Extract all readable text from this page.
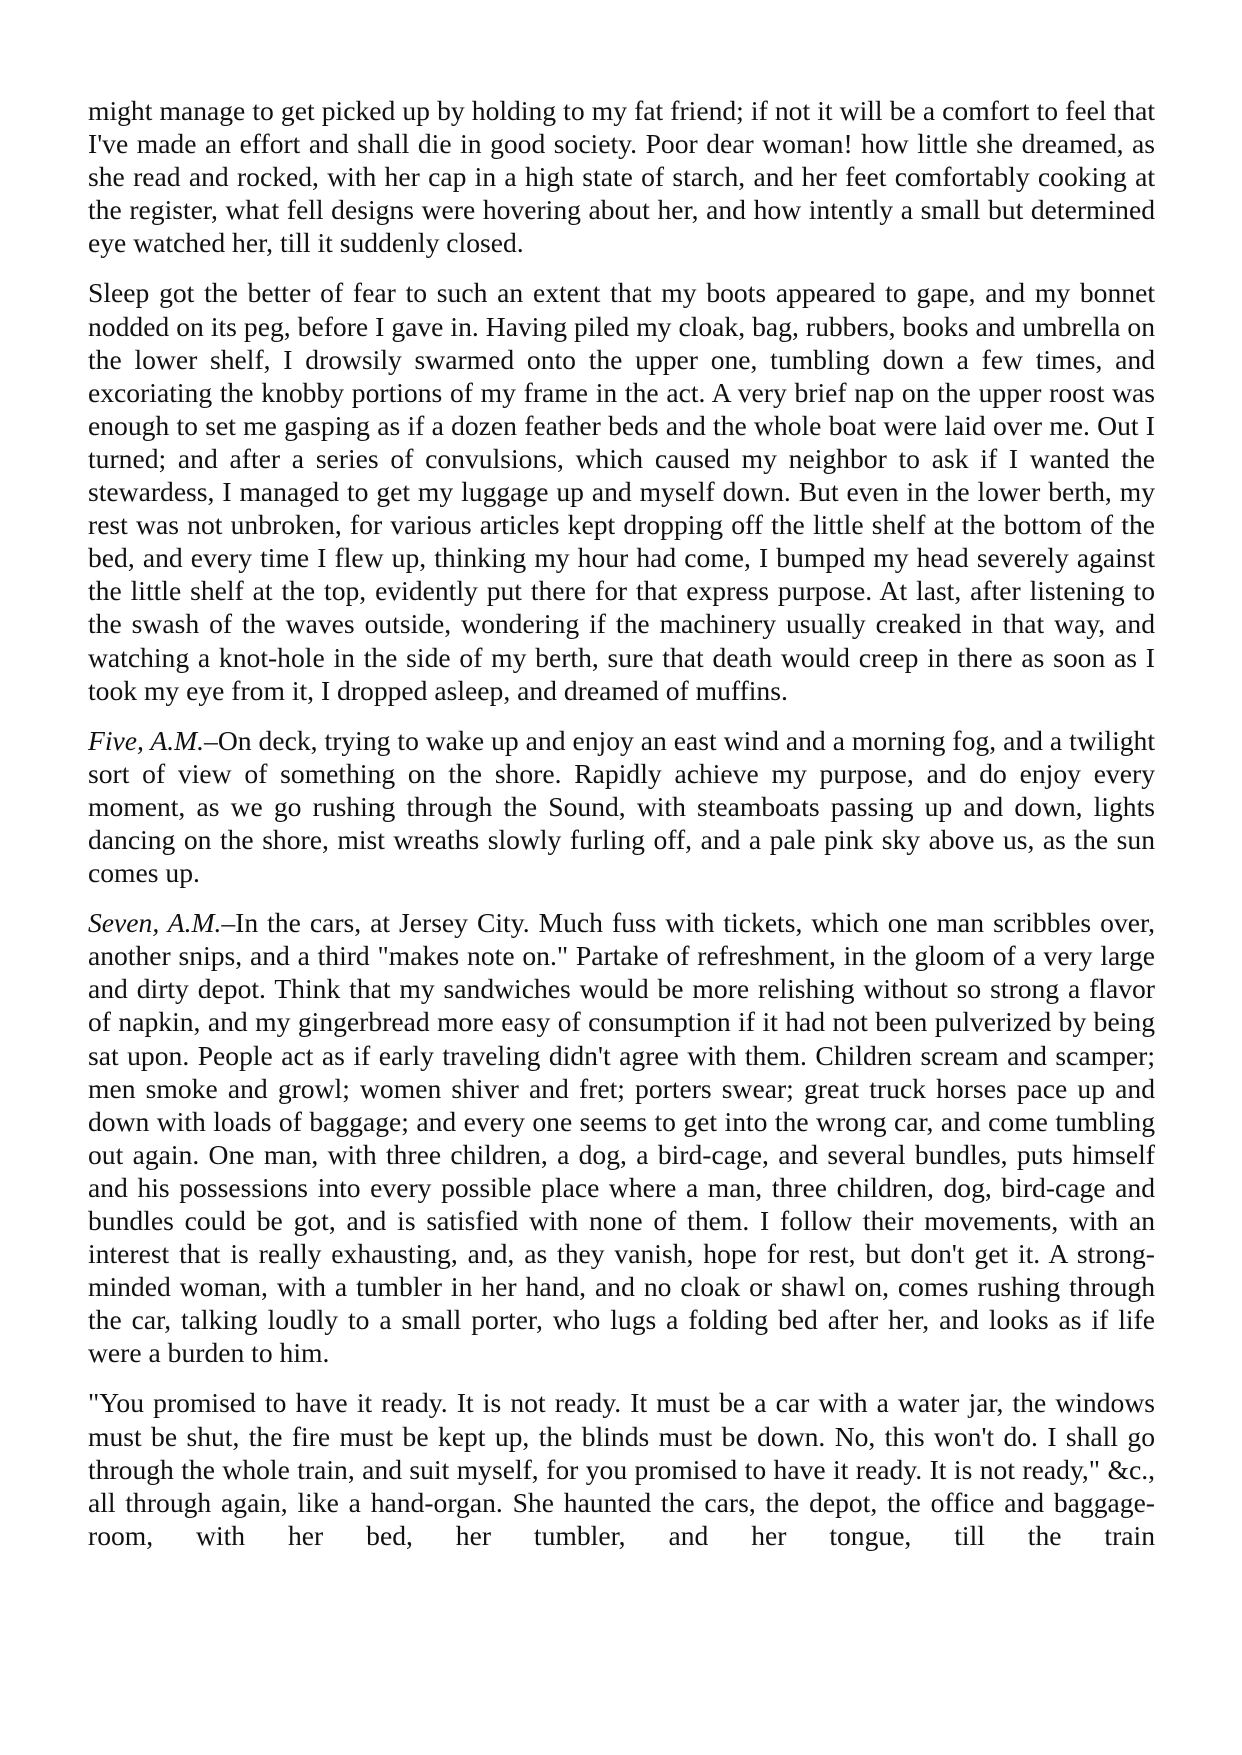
might manage to get picked up by holding to my fat friend; if not it will be a comfort to feel that I've made an effort and shall die in good society. Poor dear woman! how little she dreamed, as she read and rocked, with her cap in a high state of starch, and her feet comfortably cooking at the register, what fell designs were hovering about her, and how intently a small but determined eye watched her, till it suddenly closed.

Sleep got the better of fear to such an extent that my boots appeared to gape, and my bonnet nodded on its peg, before I gave in. Having piled my cloak, bag, rubbers, books and umbrella on the lower shelf, I drowsily swarmed onto the upper one, tumbling down a few times, and excoriating the knobby portions of my frame in the act. A very brief nap on the upper roost was enough to set me gasping as if a dozen feather beds and the whole boat were laid over me. Out I turned; and after a series of convulsions, which caused my neighbor to ask if I wanted the stewardess, I managed to get my luggage up and myself down. But even in the lower berth, my rest was not unbroken, for various articles kept dropping off the little shelf at the bottom of the bed, and every time I flew up, thinking my hour had come, I bumped my head severely against the little shelf at the top, evidently put there for that express purpose. At last, after listening to the swash of the waves outside, wondering if the machinery usually creaked in that way, and watching a knot-hole in the side of my berth, sure that death would creep in there as soon as I took my eye from it, I dropped asleep, and dreamed of muffins.

Five, A.M.–On deck, trying to wake up and enjoy an east wind and a morning fog, and a twilight sort of view of something on the shore. Rapidly achieve my purpose, and do enjoy every moment, as we go rushing through the Sound, with steamboats passing up and down, lights dancing on the shore, mist wreaths slowly furling off, and a pale pink sky above us, as the sun comes up.

Seven, A.M.–In the cars, at Jersey City. Much fuss with tickets, which one man scribbles over, another snips, and a third "makes note on." Partake of refreshment, in the gloom of a very large and dirty depot. Think that my sandwiches would be more relishing without so strong a flavor of napkin, and my gingerbread more easy of consumption if it had not been pulverized by being sat upon. People act as if early traveling didn't agree with them. Children scream and scamper; men smoke and growl; women shiver and fret; porters swear; great truck horses pace up and down with loads of baggage; and every one seems to get into the wrong car, and come tumbling out again. One man, with three children, a dog, a bird-cage, and several bundles, puts himself and his possessions into every possible place where a man, three children, dog, bird-cage and bundles could be got, and is satisfied with none of them. I follow their movements, with an interest that is really exhausting, and, as they vanish, hope for rest, but don't get it. A strong-minded woman, with a tumbler in her hand, and no cloak or shawl on, comes rushing through the car, talking loudly to a small porter, who lugs a folding bed after her, and looks as if life were a burden to him.

"You promised to have it ready. It is not ready. It must be a car with a water jar, the windows must be shut, the fire must be kept up, the blinds must be down. No, this won't do. I shall go through the whole train, and suit myself, for you promised to have it ready. It is not ready," &c., all through again, like a hand-organ. She haunted the cars, the depot, the office and baggage-room, with her bed, her tumbler, and her tongue, till the train
